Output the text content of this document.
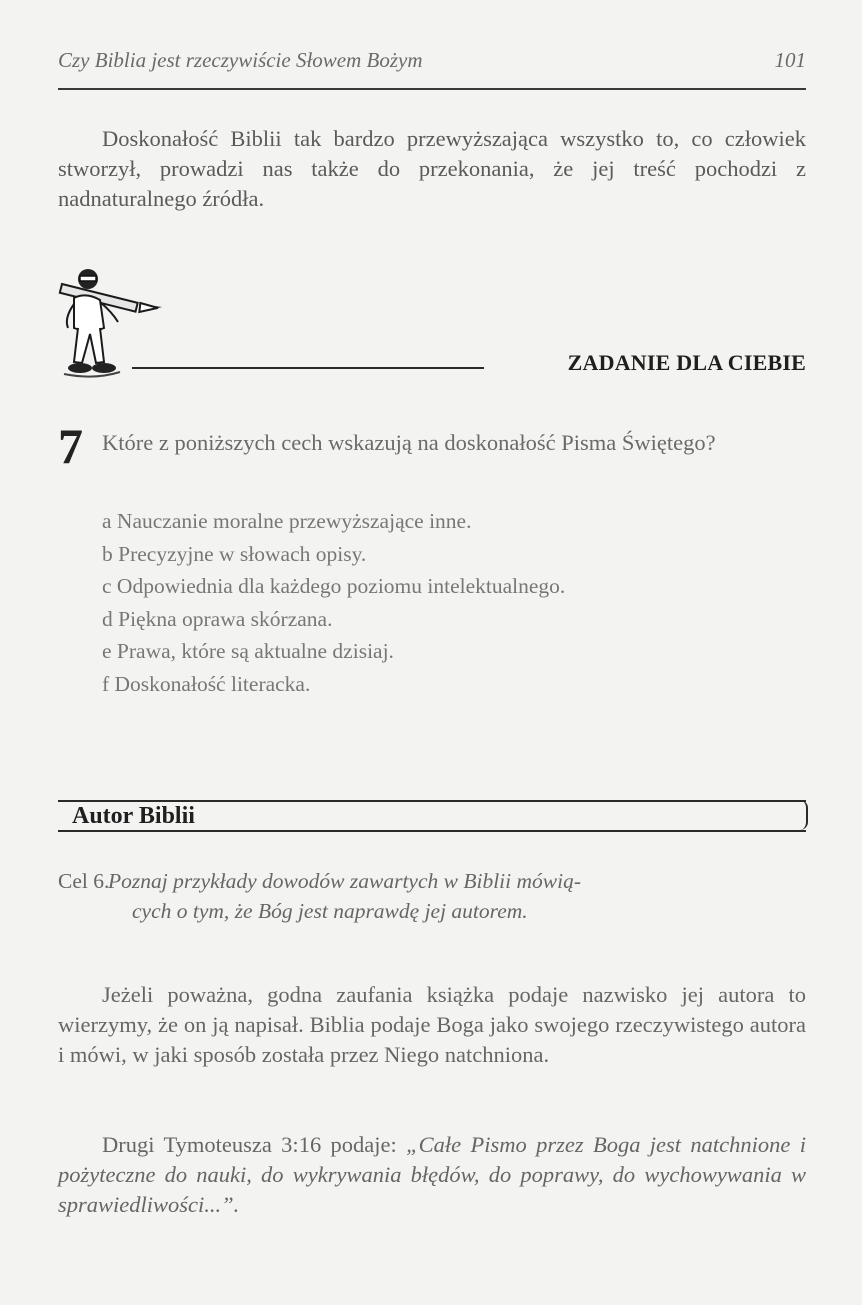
Czy Biblia jest rzeczywiście Słowem Bożym	101

Doskonałość Biblii tak bardzo przewyższająca wszystko to, co człowiek stworzył, prowadzi nas także do przekonania, że jej treść pochodzi z nadnaturalnego źródła.

ZADANIE DLA CIEBIE
7 Które z poniższych cech wskazują na doskonałość Pisma Świętego?

a Nauczanie moralne przewyższające inne.
b Precyzyjne w słowach opisy.
c Odpowiednia dla każdego poziomu intelektualnego.
d Piękna oprawa skórzana.
e Prawa, które są aktualne dzisiaj.
f Doskonałość literacka.
Autor Biblii

Cel 6.
Poznaj przykłady dowodów zawartych w Biblii mówią-
cych o tym, że Bóg jest naprawdę jej autorem.

Jeżeli poważna, godna zaufania książka podaje nazwisko jej autora to wierzymy, że on ją napisał. Biblia podaje Boga jako swojego rzeczywistego autora i mówi, w jaki sposób została przez Niego natchniona.

Drugi Tymoteusza 3:16 podaje: „Całe Pismo przez Boga jest natchnione i pożyteczne do nauki, do wykrywania błędów, do poprawy, do wychowywania w sprawiedliwości...”.
